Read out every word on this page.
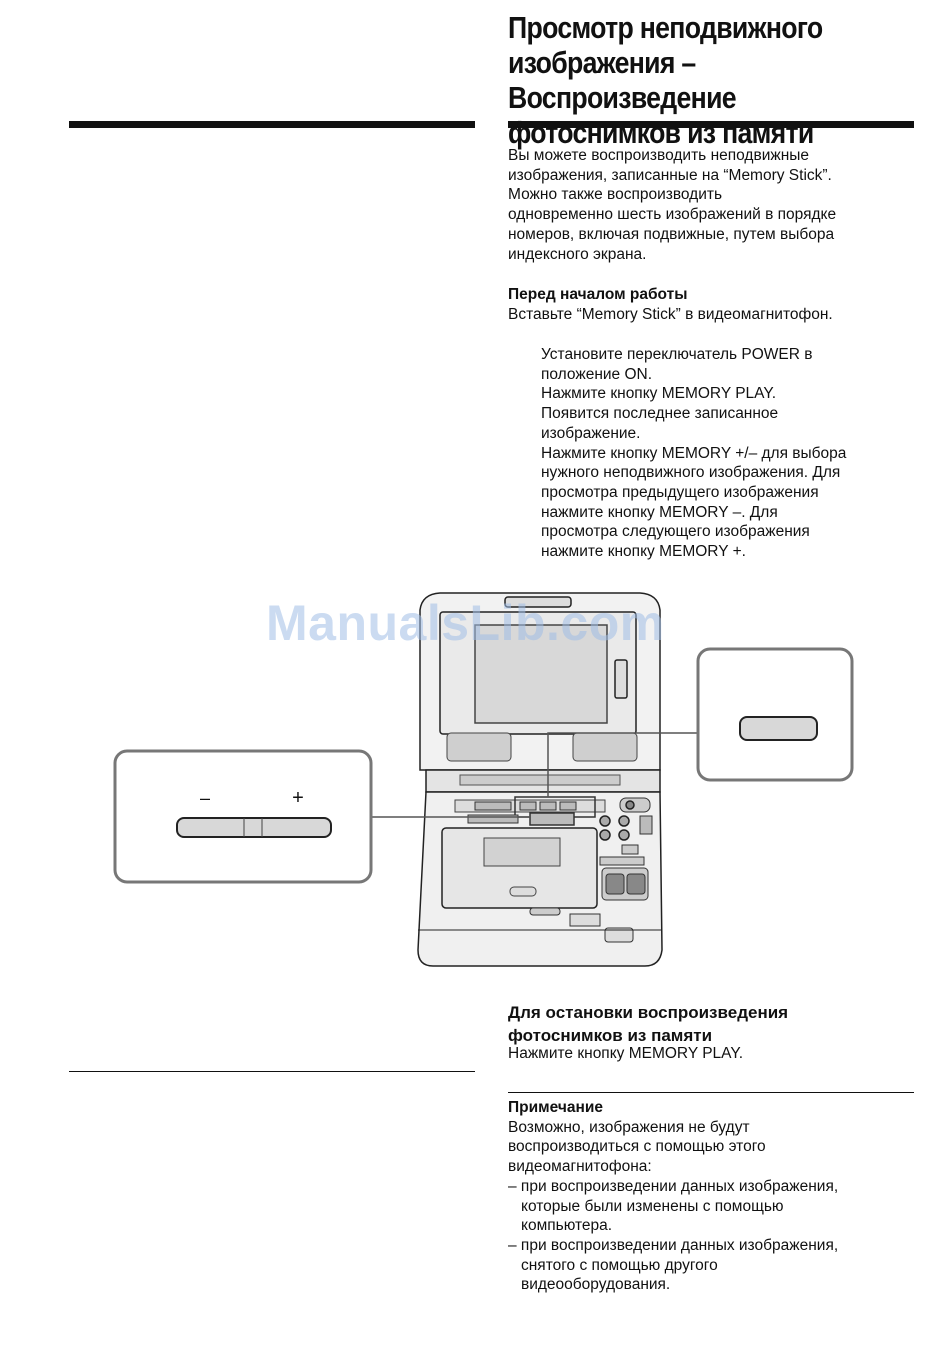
Просмотр неподвижного
изображения – Воспроизведение
фотоснимков из памяти

Вы можете воспроизводить неподвижные

изображения, записанные на “Memory Stick”.

Можно также воспроизводить

одновременно шесть изображений в порядке

номеров, включая подвижные, путем выбора

индексного экрана.

Перед началом работы

Вставьте “Memory Stick” в видеомагнитофон.

Установите переключатель POWER в

положение ON.

Нажмите кнопку MEMORY PLAY.

Появится последнее записанное

изображение.

Нажмите кнопку MEMORY +/– для выбора

нужного неподвижного изображения. Для

просмотра предыдущего изображения

нажмите кнопку MEMORY –. Для

просмотра следующего изображения

нажмите кнопку MEMORY +.

–	+
ManualsLib.com

Для остановки воспроизведения

фотоснимков из памяти

Нажмите кнопку MEMORY PLAY.

Примечание

Возможно, изображения не будут

воспроизводиться с помощью этого

видеомагнитофона:

– при воспроизведении данных изображения,

которые были изменены с помощью

компьютера.

– при воспроизведении данных изображения,

снятого с помощью другого

видеооборудования.
